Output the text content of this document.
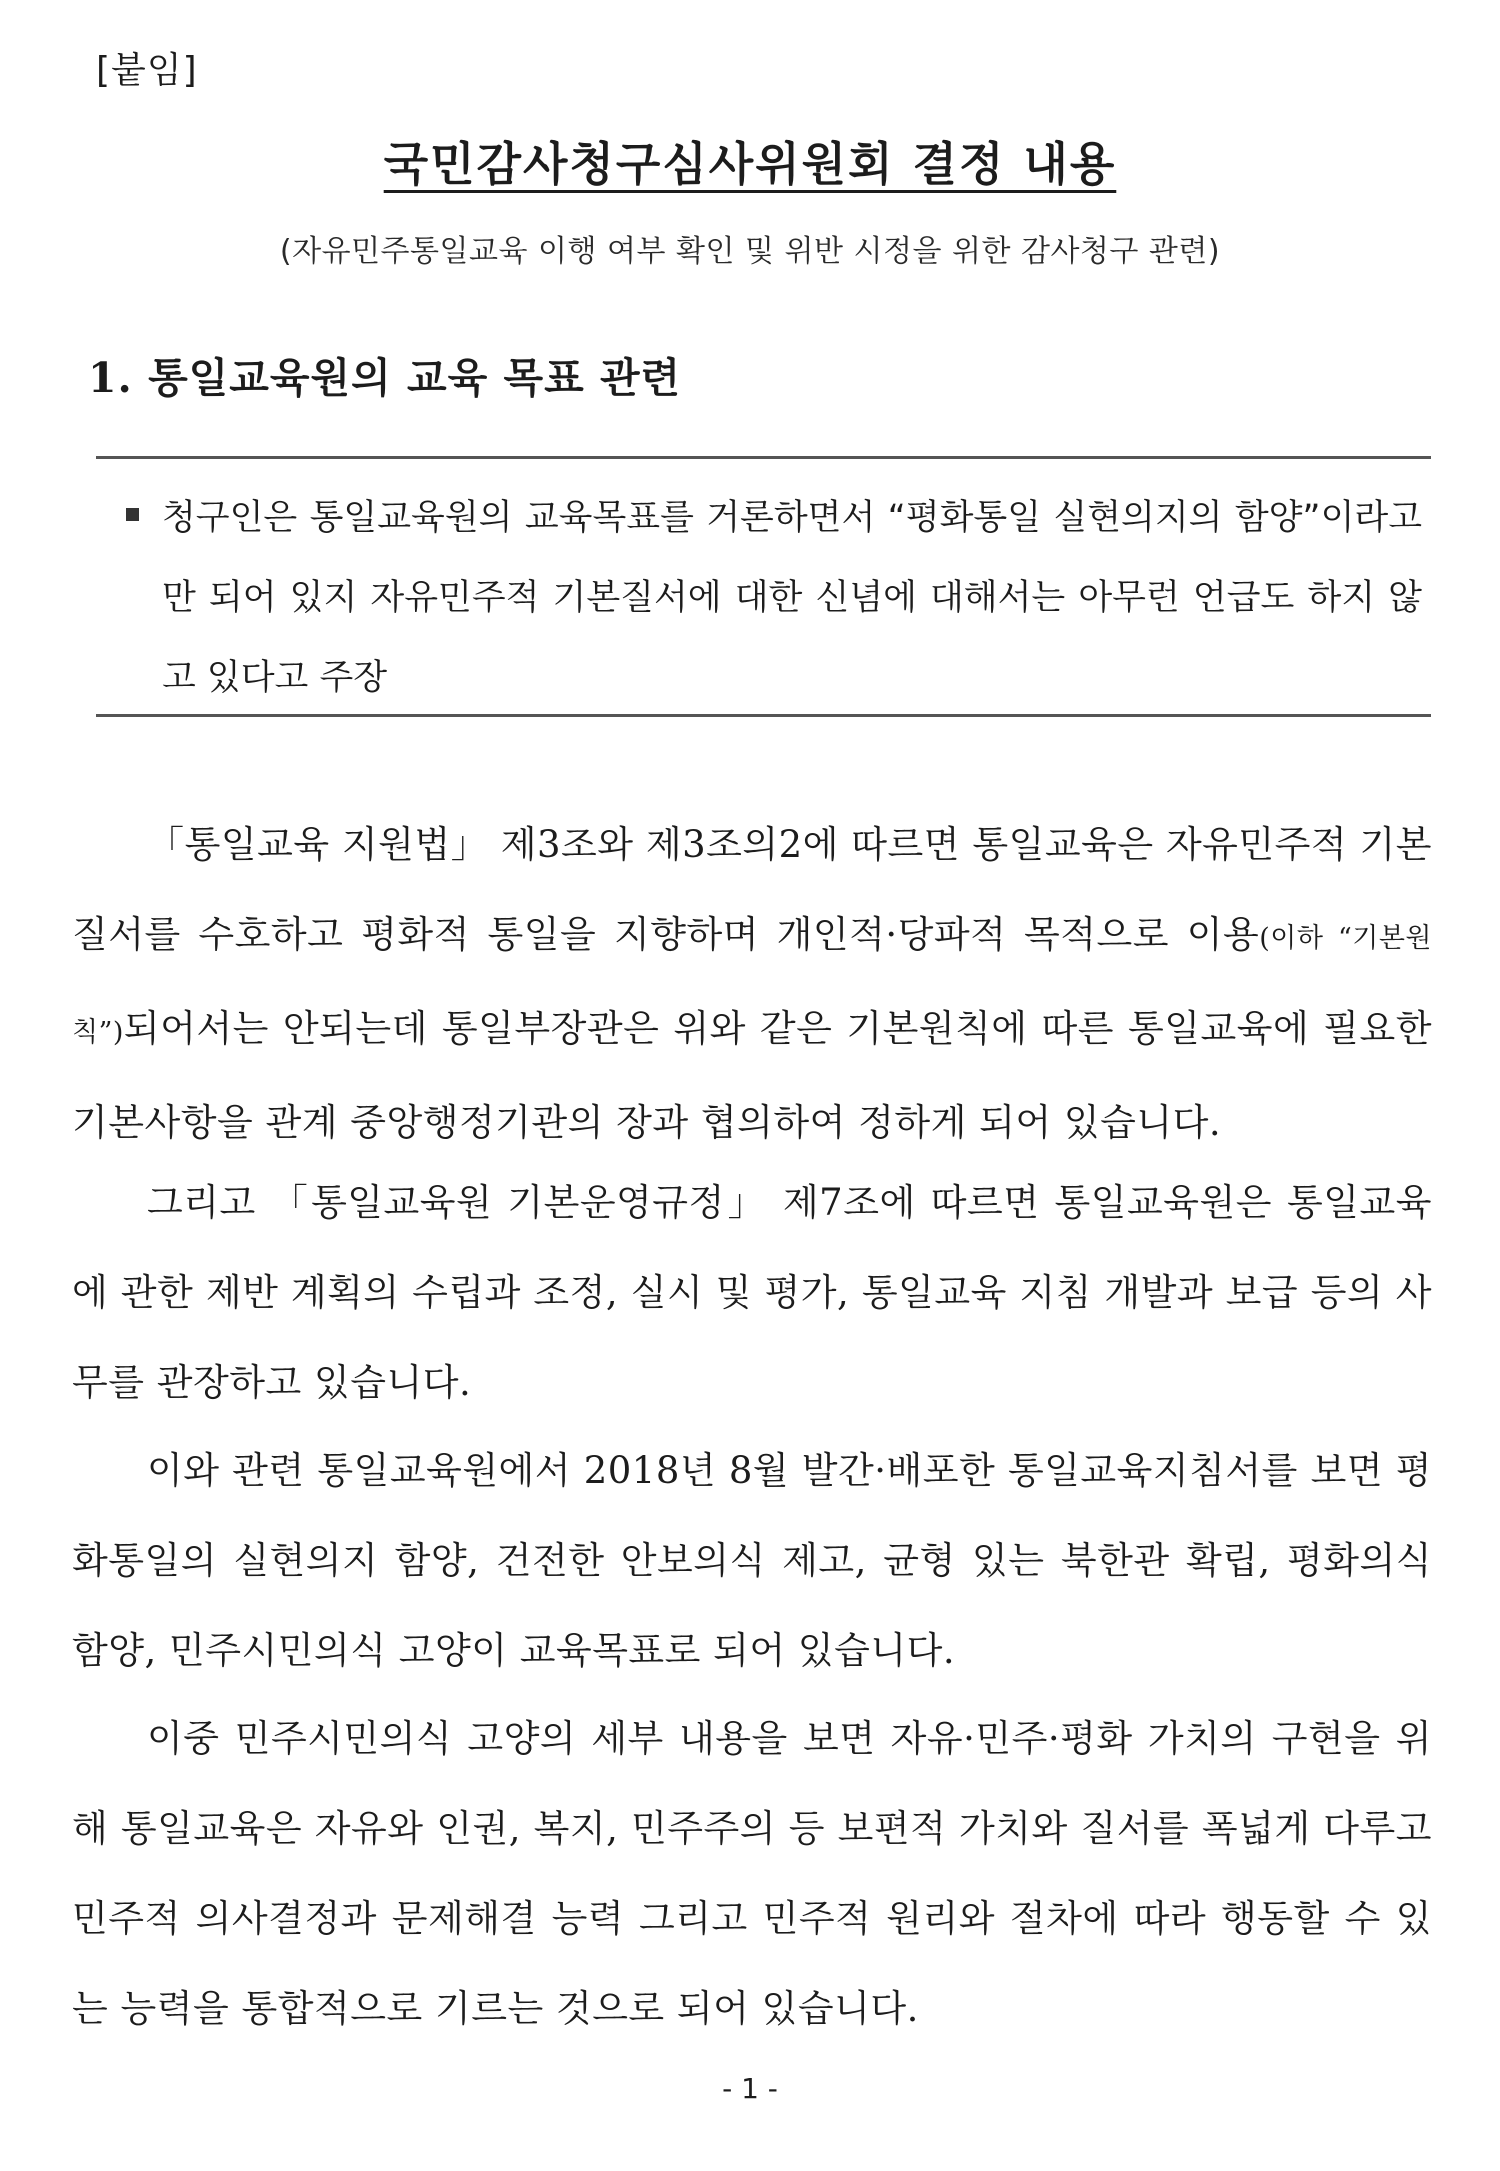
[붙임]
국민감사청구심사위원회 결정 내용
(자유민주통일교육 이행 여부 확인 및 위반 시정을 위한 감사청구 관련)
1. 통일교육원의 교육 목표 관련
청구인은 통일교육원의 교육목표를 거론하면서 “평화통일 실현의지의 함양”이라고만 되어 있지 자유민주적 기본질서에 대한 신념에 대해서는 아무런 언급도 하지 않고 있다고 주장
「통일교육 지원법」 제3조와 제3조의2에 따르면 통일교육은 자유민주적 기본질서를 수호하고 평화적 통일을 지향하며 개인적·당파적 목적으로 이용(이하 “기본원칙”)되어서는 안되는데 통일부장관은 위와 같은 기본원칙에 따른 통일교육에 필요한 기본사항을 관계 중앙행정기관의 장과 협의하여 정하게 되어 있습니다.
그리고 「통일교육원 기본운영규정」 제7조에 따르면 통일교육원은 통일교육에 관한 제반 계획의 수립과 조정, 실시 및 평가, 통일교육 지침 개발과 보급 등의 사무를 관장하고 있습니다.
이와 관련 통일교육원에서 2018년 8월 발간·배포한 통일교육지침서를 보면 평화통일의 실현의지 함양, 건전한 안보의식 제고, 균형 있는 북한관 확립, 평화의식 함양, 민주시민의식 고양이 교육목표로 되어 있습니다.
이중 민주시민의식 고양의 세부 내용을 보면 자유·민주·평화 가치의 구현을 위해 통일교육은 자유와 인권, 복지, 민주주의 등 보편적 가치와 질서를 폭넓게 다루고 민주적 의사결정과 문제해결 능력 그리고 민주적 원리와 절차에 따라 행동할 수 있는 능력을 통합적으로 기르는 것으로 되어 있습니다.
- 1 -
